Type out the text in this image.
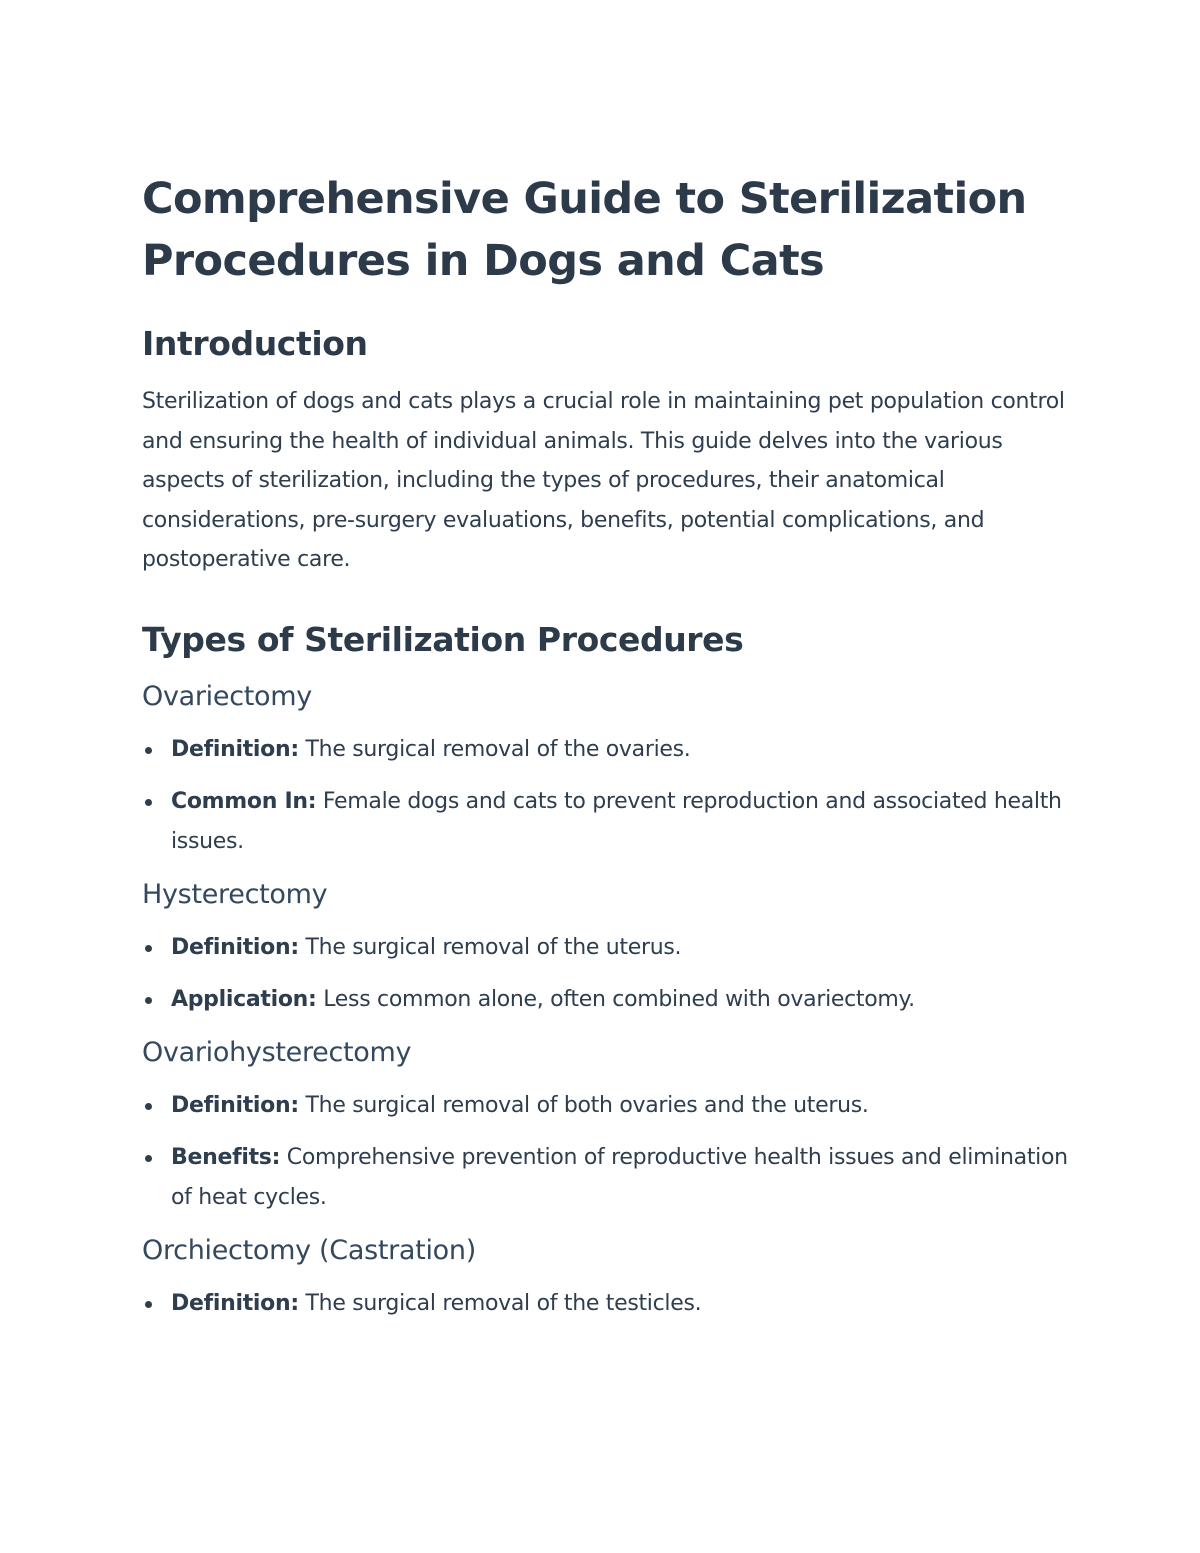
Comprehensive Guide to Sterilization Procedures in Dogs and Cats
Introduction

Sterilization of dogs and cats plays a crucial role in maintaining pet population control and ensuring the health of individual animals. This guide delves into the various aspects of sterilization, including the types of procedures, their anatomical considerations, pre-surgery evaluations, benefits, potential complications, and postoperative care.

Types of Sterilization Procedures
Ovariectomy
Definition: The surgical removal of the ovaries.
Common In: Female dogs and cats to prevent reproduction and associated health issues.
Hysterectomy
Definition: The surgical removal of the uterus.
Application: Less common alone, often combined with ovariectomy.
Ovariohysterectomy
Definition: The surgical removal of both ovaries and the uterus.
Benefits: Comprehensive prevention of reproductive health issues and elimination of heat cycles.
Orchiectomy (Castration)
Definition: The surgical removal of the testicles.
